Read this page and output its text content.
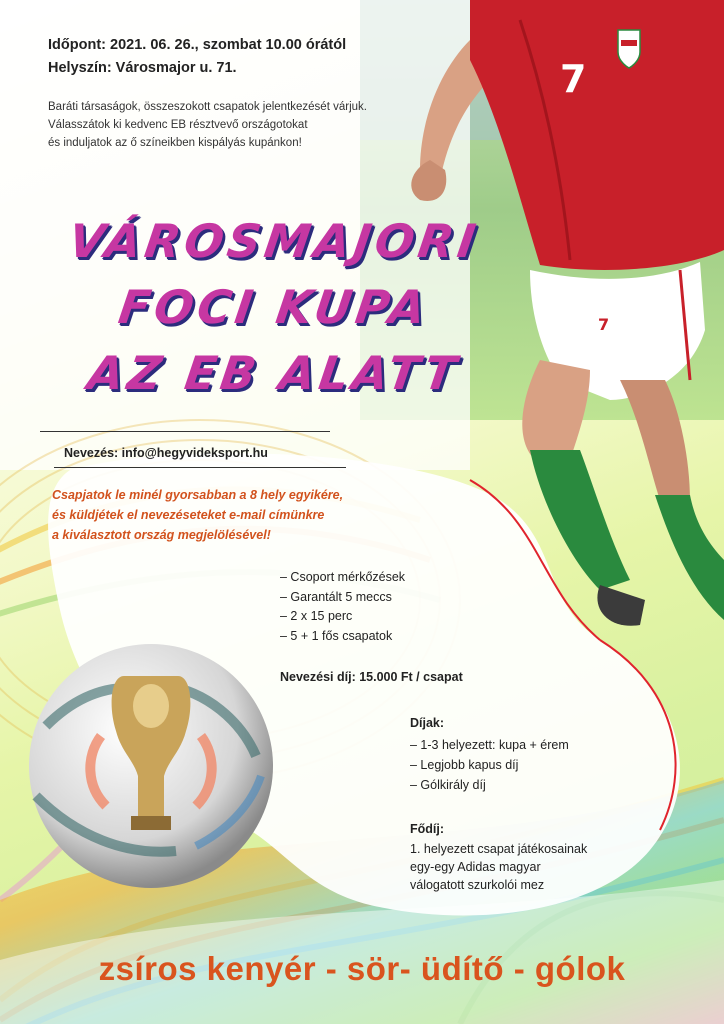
7
7
Időpont: 2021. 06. 26., szombat 10.00 órától
Helyszín: Városmajor u. 71.
Baráti társaságok, összeszokott csapatok jelentkezését várjuk.
Válasszátok ki kedvenc EB résztvevő országotokat
és induljatok az ő színeikben kispályás kupánkon!
VÁROSMAJORI
FOCI KUPA
AZ EB ALATT
Nevezés: info@hegyvideksport.hu
Csapjatok le minél gyorsabban a 8 hely egyikére,
és küldjétek el nevezéseteket e-mail címünkre
a kiválasztott ország megjelölésével!
– Csoport mérkőzések
– Garantált 5 meccs
– 2 x 15 perc
– 5 + 1 fős csapatok
Nevezési díj: 15.000 Ft / csapat
Díjak:
– 1-3 helyezett: kupa + érem
– Legjobb kapus díj
– Gólkirály díj
Fődíj:
1. helyezett csapat játékosainak
egy-egy Adidas magyar
válogatott szurkolói mez
zsíros kenyér - sör- üdítő - gólok
